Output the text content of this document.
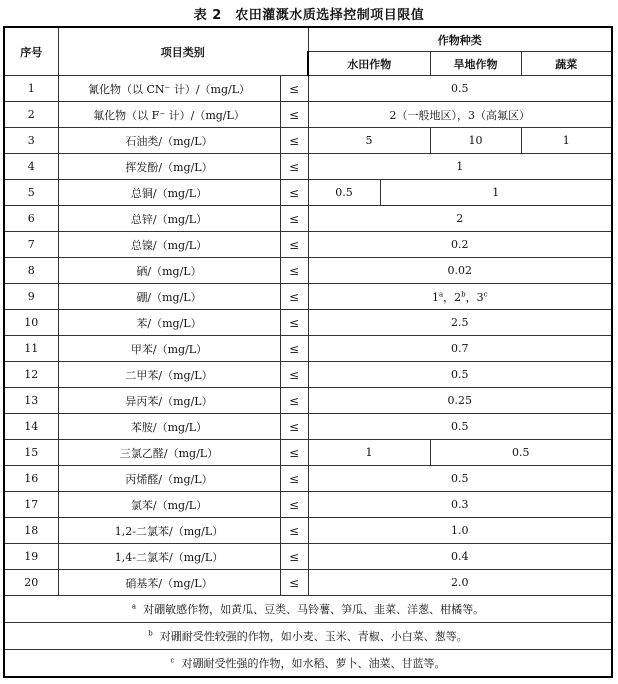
表 2　农田灌溉水质选择控制项目限值
序号	项目类别		作物种类			
			水田作物		旱地作物	蔬菜
1	氰化物（以 CN⁻ 计）/（mg/L）	≤	0.5			
2	氟化物（以 F⁻ 计）/（mg/L）	≤	2（一般地区），3（高氟区）			
3	石油类/（mg/L）	≤	5		10	1
4	挥发酚/（mg/L）	≤	1			
5	总铜/（mg/L）	≤	0.5	1		
6	总锌/（mg/L）	≤	2			
7	总镍/（mg/L）	≤	0.2			
8	硒/（mg/L）	≤	0.02			
9	硼/（mg/L）	≤	$1^a$，2$^b$，3$^c$
10	苯/（mg/L）	≤	2.5			
11	甲苯/（mg/L）	≤	0.7			
12	二甲苯/（mg/L）	≤	0.5			
13	异丙苯/（mg/L）	≤	0.25			
14	苯胺/（mg/L）	≤	0.5			
15	三氯乙醛/（mg/L）	≤	1		0.5	
16	丙烯醛/（mg/L）	≤	0.5			
17	氯苯/（mg/L）	≤	0.3			
18	1,2-二氯苯/（mg/L）	≤	1.0			
19	1,4-二氯苯/（mg/L）	≤	0.4			
20	硝基苯/（mg/L）	≤	2.0			
$^a$ 对硼敏感作物，如黄瓜、豆类、马铃薯、笋瓜、韭菜、洋葱、柑橘等。						
$^b$ 对硼耐受性较强的作物，如小麦、玉米、青椒、小白菜、葱等。						
$^c$ 对硼耐受性强的作物，如水稻、萝卜、油菜、甘蓝等。						
